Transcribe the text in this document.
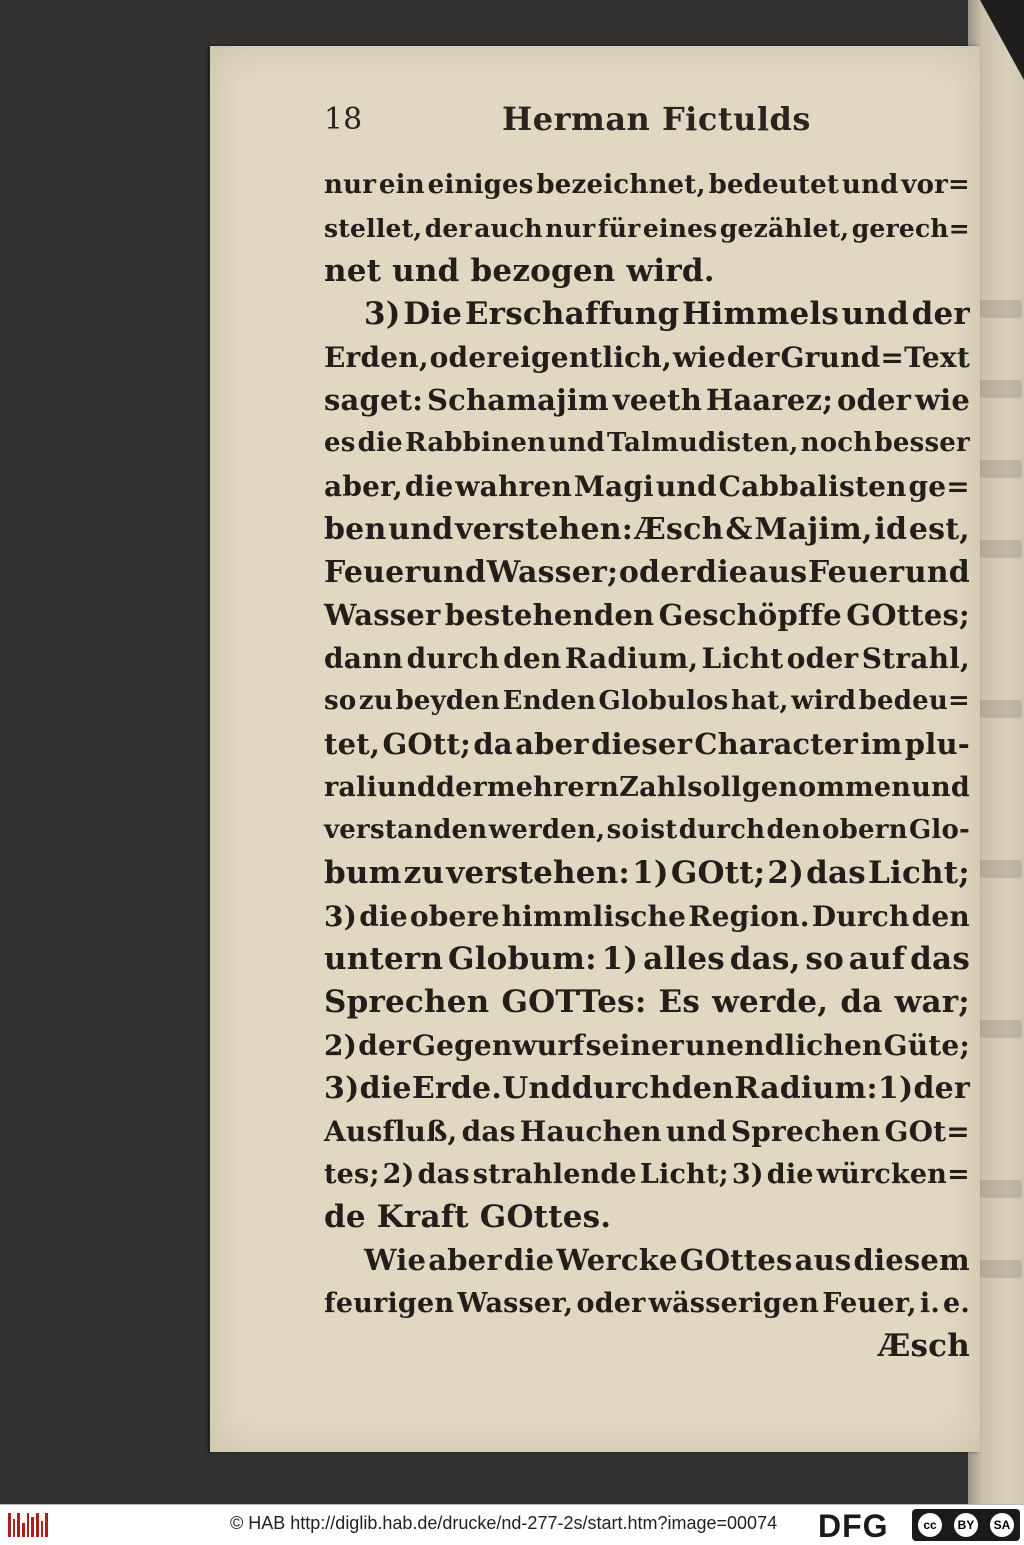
18	Herman Fictulds
nur ein einiges bezeichnet, bedeutet und vor=
stellet, der auch nur für eines gezählet, gerech=
net und bezogen wird.
3) Die Erschaffung Himmels und der
Erden, oder eigentlich, wie der Grund=Text
saget: Schamajim veeth Haarez; oder wie
es die Rabbinen und Talmudisten, noch besser
aber, die wahren Magi und Cabbalisten ge=
ben und verstehen: Æsch & Majim, id est,
Feuer und Wasser; oder die aus Feuer und
Wasser bestehenden Geschöpffe GOttes;
dann durch den Radium, Licht oder Strahl,
so zu beyden Enden Globulos hat, wird bedeu=
tet, GOtt; da aber dieser Character im plu-
rali und der mehrern Zahl soll genommen und
verstanden werden, so ist durch den obern Glo-
bum zu verstehen: 1) GOtt; 2) das Licht;
3) die obere himmlische Region. Durch den
untern Globum: 1) alles das, so auf das
Sprechen GOTTes: Es werde, da war;
2) der Gegenwurf seiner unendlichen Güte;
3) die Erde. Und durch den Radium: 1) der
Ausfluß, das Hauchen und Sprechen GOt=
tes; 2) das strahlende Licht; 3) die würcken=
de Kraft GOttes.
Wie aber die Wercke GOttes aus diesem
feurigen Wasser, oder wässerigen Feuer, i. e.
Æsch
© HAB http://diglib.hab.de/drucke/nd-277-2s/start.htm?image=00074 DFG	cc	BY	SA
